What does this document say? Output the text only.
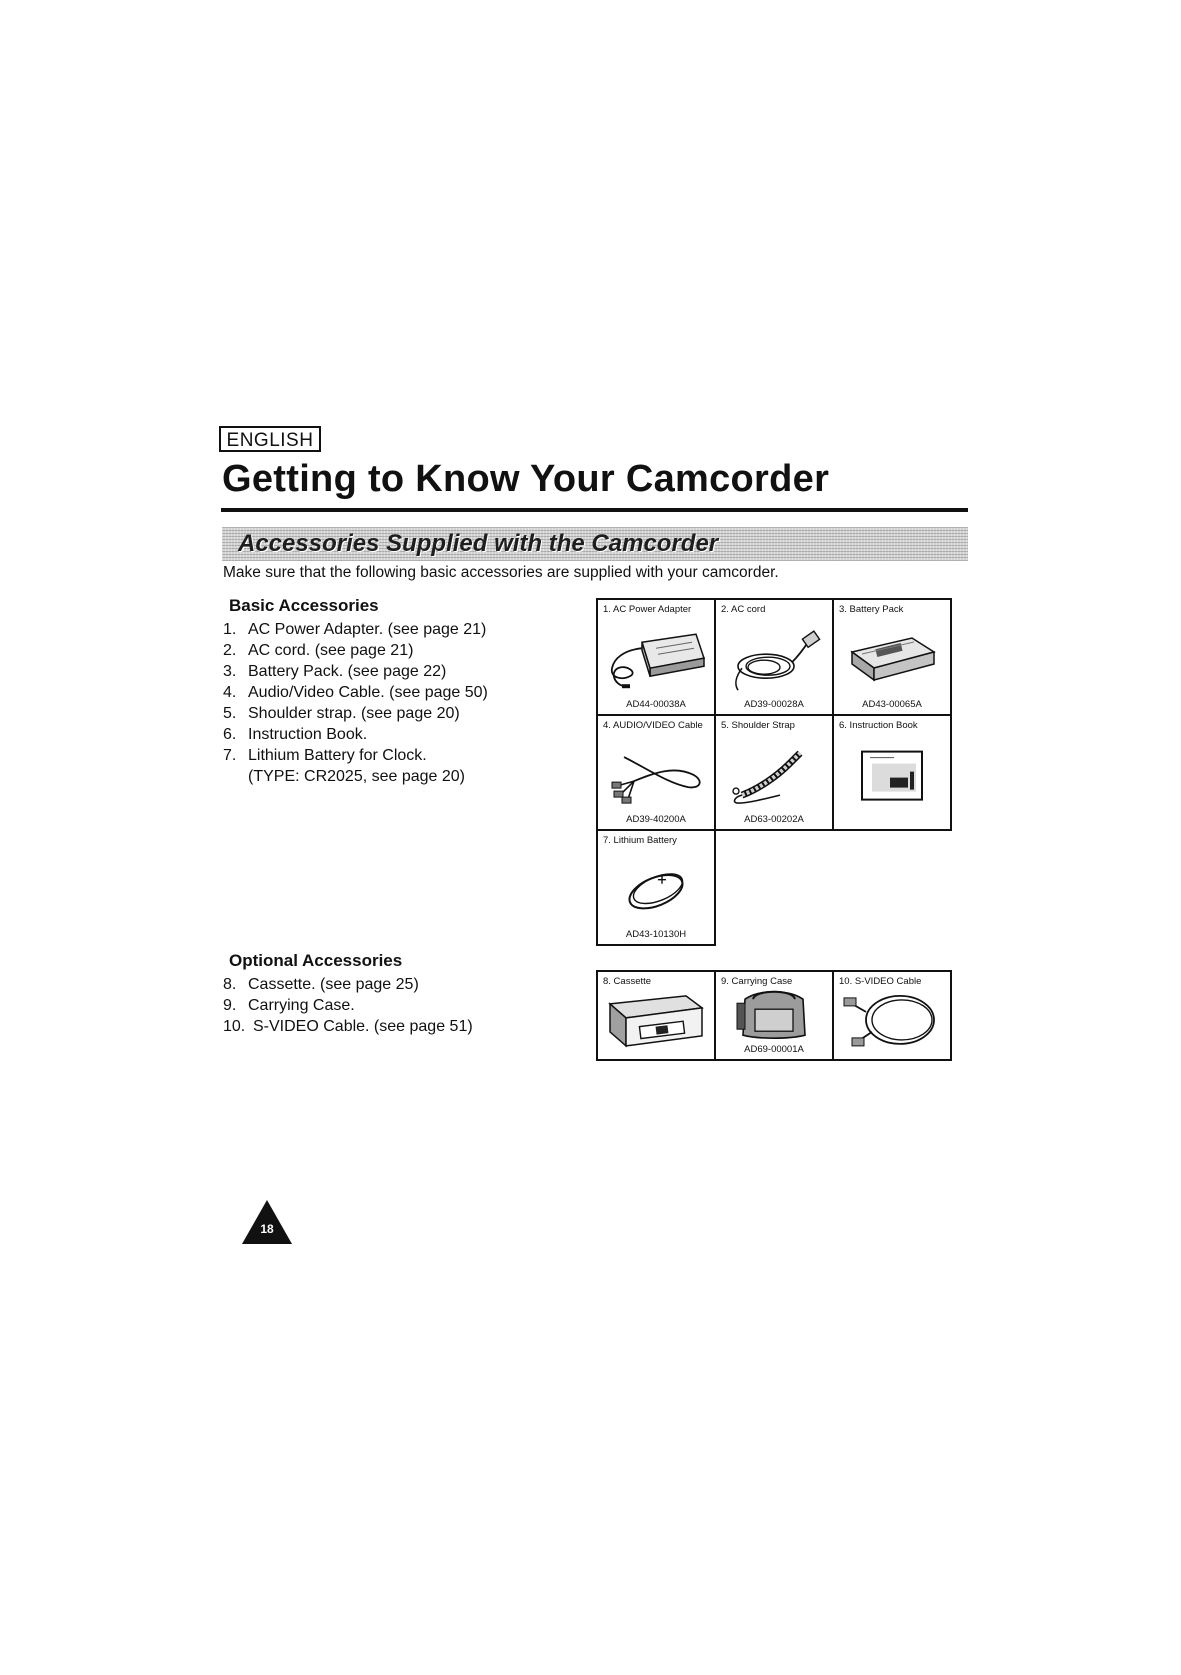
ENGLISH
Getting to Know Your Camcorder
Accessories Supplied with the Camcorder
Make sure that the following basic accessories are supplied with your camcorder.
Basic Accessories
1. AC Power Adapter. (see page 21)
2. AC cord. (see page 21)
3. Battery Pack. (see page 22)
4. Audio/Video Cable. (see page 50)
5. Shoulder strap. (see page 20)
6. Instruction Book.
7. Lithium Battery for Clock.
(TYPE: CR2025, see page 20)
Optional Accessories
8. Cassette. (see page 25)
9. Carrying Case.
10. S-VIDEO Cable. (see page 51)
1. AC Power Adapter
AD44-00038A
2. AC cord
AD39-00028A
3. Battery Pack
AD43-00065A
4. AUDIO/VIDEO Cable
AD39-40200A
5. Shoulder Strap
AD63-00202A
6. Instruction Book
7. Lithium Battery
AD43-10130H
8. Cassette	9. Carrying Case
AD69-00001A
10. S-VIDEO Cable
18
